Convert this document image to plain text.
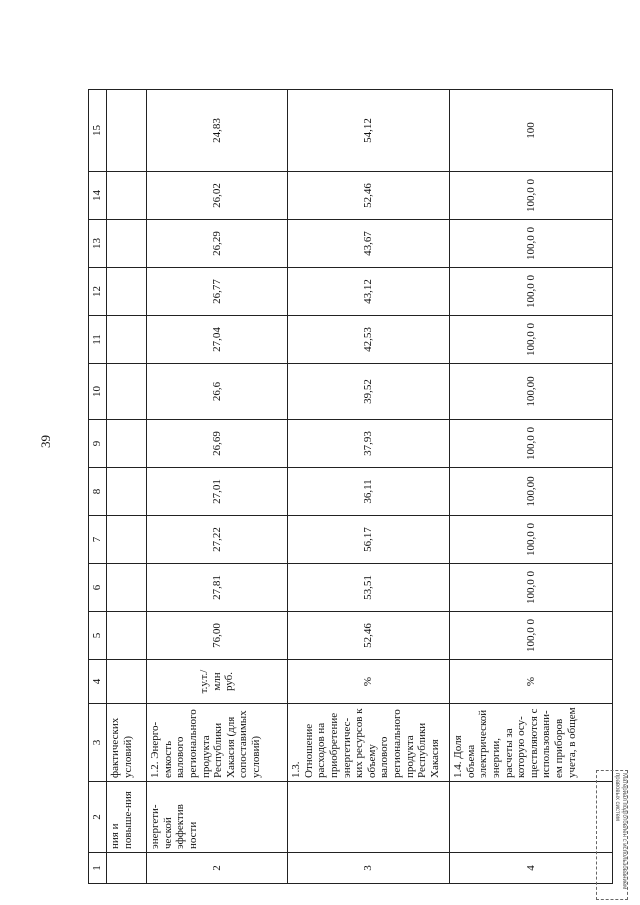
39
1	2	3	4	5	6	7	8	9	10	11	12	13	14	15
	ния и повыше-ния	фактических условий)												
2	энергети-ческой эффектив ности	1.2. Энерго-емкость валового регионального продукта Республики Хакасия (для сопоставимых условий)	т.у.т./ млн руб.	76,00	27,81	27,22	27,01	26,69	26,6	27,04	26,77	26,29	26,02	24,83
3		1.3. Отношение расходов на приобретение энергетичес-ких ресурсов к объему валового регионального продукта Республики Хакасия	%	52,46	53,51	56,17	36,11	37,93	39,52	42,53	43,12	43,67	52,46	54,12
4		1.4. Доля объема электрической энергии, расчеты за которую осу-ществляются с использовани-ем приборов учета, в общем	%	100,0 0	100,0 0	100,0 0	100,00	100,0 0	100,00	100,0 0	100,0 0	100,0 0	100,0 0	100
Материал подготовлен с использованием правовых систем
